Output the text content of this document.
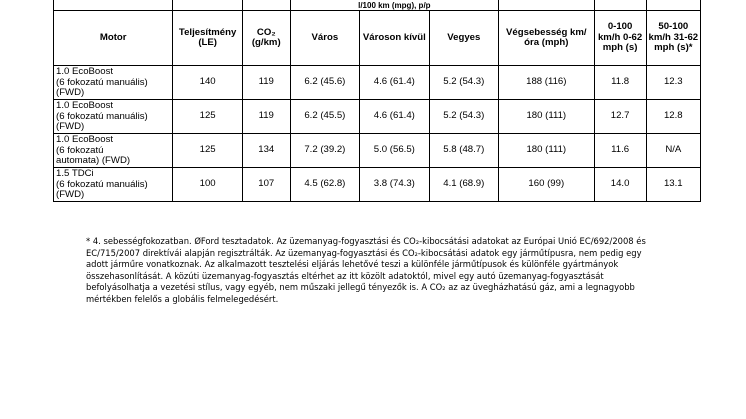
			l/100 km (mpg), p/p					
Motor	Teljesítmény (LE)	CO₂ (g/km)	Város	Városon kívül	Vegyes	Végsebesség km/óra (mph)	0-100 km/h 0-62 mph (s)	50-100 km/h 31-62 mph (s)*

1.0 EcoBoost
(6 fokozatú manuális)
(FWD)	140	119	6.2 (45.6)	4.6 (61.4)	5.2 (54.3)	188 (116)	11.8	12.3

1.0 EcoBoost
(6 fokozatú manuális)
(FWD)	125	119	6.2 (45.5)	4.6 (61.4)	5.2 (54.3)	180 (111)	12.7	12.8

1.0 EcoBoost
(6 fokozatú
automata) (FWD)	125	134	7.2 (39.2)	5.0 (56.5)	5.8 (48.7)	180 (111)	11.6	N/A

1.5 TDCi
(6 fokozatú manuális)
(FWD)	100	107	4.5 (62.8)	3.8 (74.3)	4.1 (68.9)	160 (99)	14.0	13.1

* 4. sebességfokozatban. ØFord tesztadatok. Az üzemanyag-fogyasztási és CO₂-kibocsátási adatokat az Európai Unió EC/692/2008 és EC/715/2007 direktívái alapján regisztrálták. Az üzemanyag-fogyasztási és CO₂-kibocsátási adatok egy járműtípusra, nem pedig egy adott járműre vonatkoznak. Az alkalmazott tesztelési eljárás lehetővé teszi a különféle járműtípusok és különféle gyártmányok összehasonlítását. A közúti üzemanyag-fogyasztás eltérhet az itt közölt adatoktól, mivel egy autó üzemanyag-fogyasztását befolyásolhatja a vezetési stílus, vagy egyéb, nem műszaki jellegű tényezők is. A CO₂ az az üvegházhatású gáz, ami a legnagyobb mértékben felelős a globális felmelegedésért.
